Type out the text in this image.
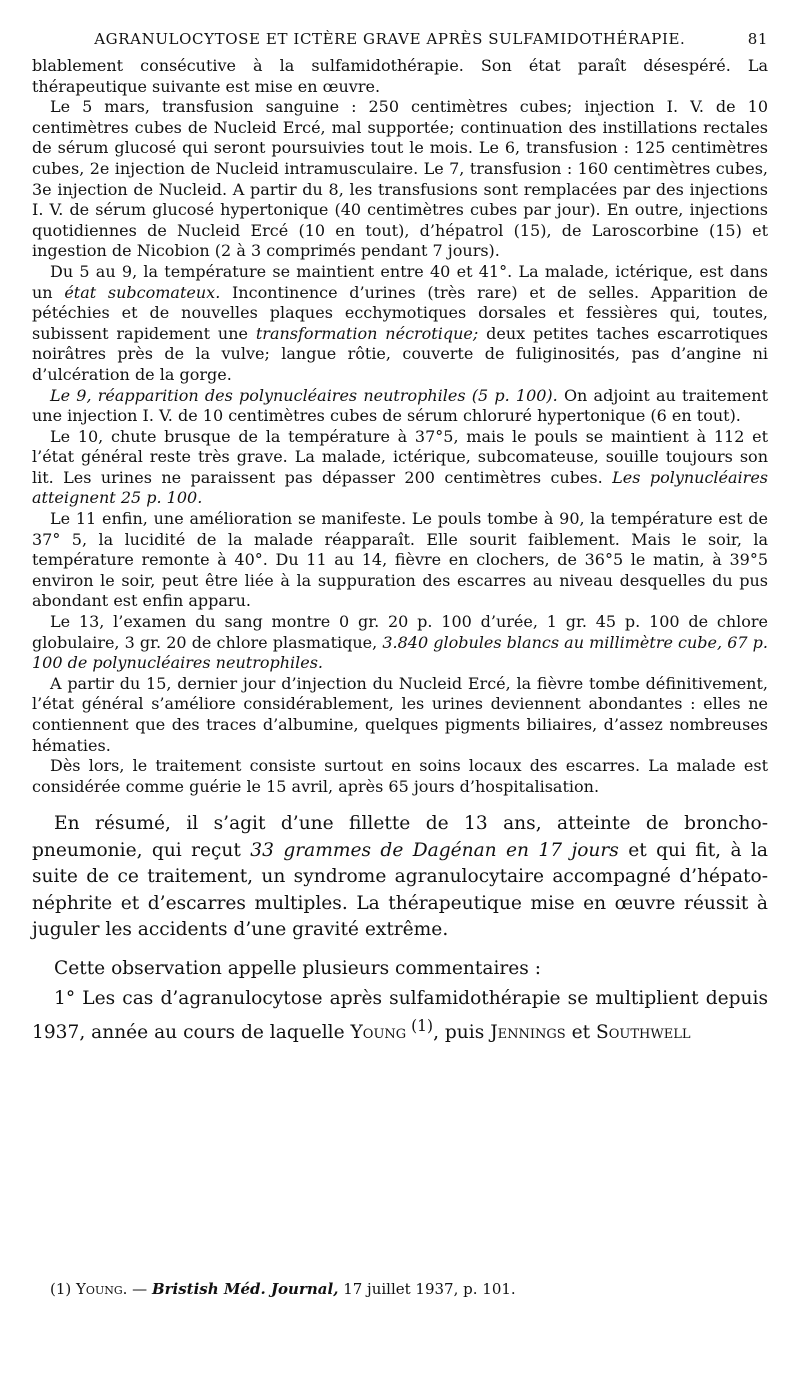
AGRANULOCYTOSE ET ICTÈRE GRAVE APRÈS SULFAMIDOTHÉRAPIE.	81

blablement consécutive à la sulfamidothérapie. Son état paraît désespéré. La thérapeutique suivante est mise en œuvre.

Le 5 mars, transfusion sanguine : 250 centimètres cubes; injection I. V. de 10 centimètres cubes de Nucleid Ercé, mal supportée; continuation des instillations rectales de sérum glucosé qui seront poursuivies tout le mois. Le 6, transfusion : 125 centimètres cubes, 2e injection de Nucleid intramusculaire. Le 7, transfusion : 160 centimètres cubes, 3e injection de Nucleid. A partir du 8, les transfusions sont remplacées par des injections I. V. de sérum glucosé hypertonique (40 centimètres cubes par jour). En outre, injections quotidiennes de Nucleid Ercé (10 en tout), d’hépatrol (15), de Laroscorbine (15) et ingestion de Nicobion (2 à 3 comprimés pendant 7 jours).

Du 5 au 9, la température se maintient entre 40 et 41°. La malade, ictérique, est dans un état subcomateux. Incontinence d’urines (très rare) et de selles. Apparition de pétéchies et de nouvelles plaques ecchymotiques dorsales et fessières qui, toutes, subissent rapidement une transformation nécrotique; deux petites taches escarrotiques noirâtres près de la vulve; langue rôtie, couverte de fuliginosités, pas d’angine ni d’ulcération de la gorge.

Le 9, réapparition des polynucléaires neutrophiles (5 p. 100). On adjoint au traitement une injection I. V. de 10 centimètres cubes de sérum chloruré hypertonique (6 en tout).

Le 10, chute brusque de la température à 37°5, mais le pouls se maintient à 112 et l’état général reste très grave. La malade, ictérique, subcomateuse, souille toujours son lit. Les urines ne paraissent pas dépasser 200 centimètres cubes. Les polynucléaires atteignent 25 p. 100.

Le 11 enfin, une amélioration se manifeste. Le pouls tombe à 90, la température est de 37° 5, la lucidité de la malade réapparaît. Elle sourit faiblement. Mais le soir, la température remonte à 40°. Du 11 au 14, fièvre en clochers, de 36°5 le matin, à 39°5 environ le soir, peut être liée à la suppuration des escarres au niveau desquelles du pus abondant est enfin apparu.

Le 13, l’examen du sang montre 0 gr. 20 p. 100 d’urée, 1 gr. 45 p. 100 de chlore globulaire, 3 gr. 20 de chlore plasmatique, 3.840 globules blancs au millimètre cube, 67 p. 100 de polynucléaires neutrophiles.

A partir du 15, dernier jour d’injection du Nucleid Ercé, la fièvre tombe définitivement, l’état général s’améliore considérablement, les urines deviennent abondantes : elles ne contiennent que des traces d’albumine, quelques pigments biliaires, d’assez nombreuses hématies.

Dès lors, le traitement consiste surtout en soins locaux des escarres. La malade est considérée comme guérie le 15 avril, après 65 jours d’hospitalisation.

En résumé, il s’agit d’une fillette de 13 ans, atteinte de broncho-pneumonie, qui reçut 33 grammes de Dagénan en 17 jours et qui fit, à la suite de ce traitement, un syndrome agranulocytaire accompagné d’hépato-néphrite et d’escarres multiples. La thérapeutique mise en œuvre réussit à juguler les accidents d’une gravité extrême.

Cette observation appelle plusieurs commentaires :

1° Les cas d’agranulocytose après sulfamidothérapie se multiplient depuis 1937, année au cours de laquelle Young $^{(1)}$, puis Jennings et Southwell

(1) Young. — Bristish Méd. Journal, 17 juillet 1937, p. 101.
